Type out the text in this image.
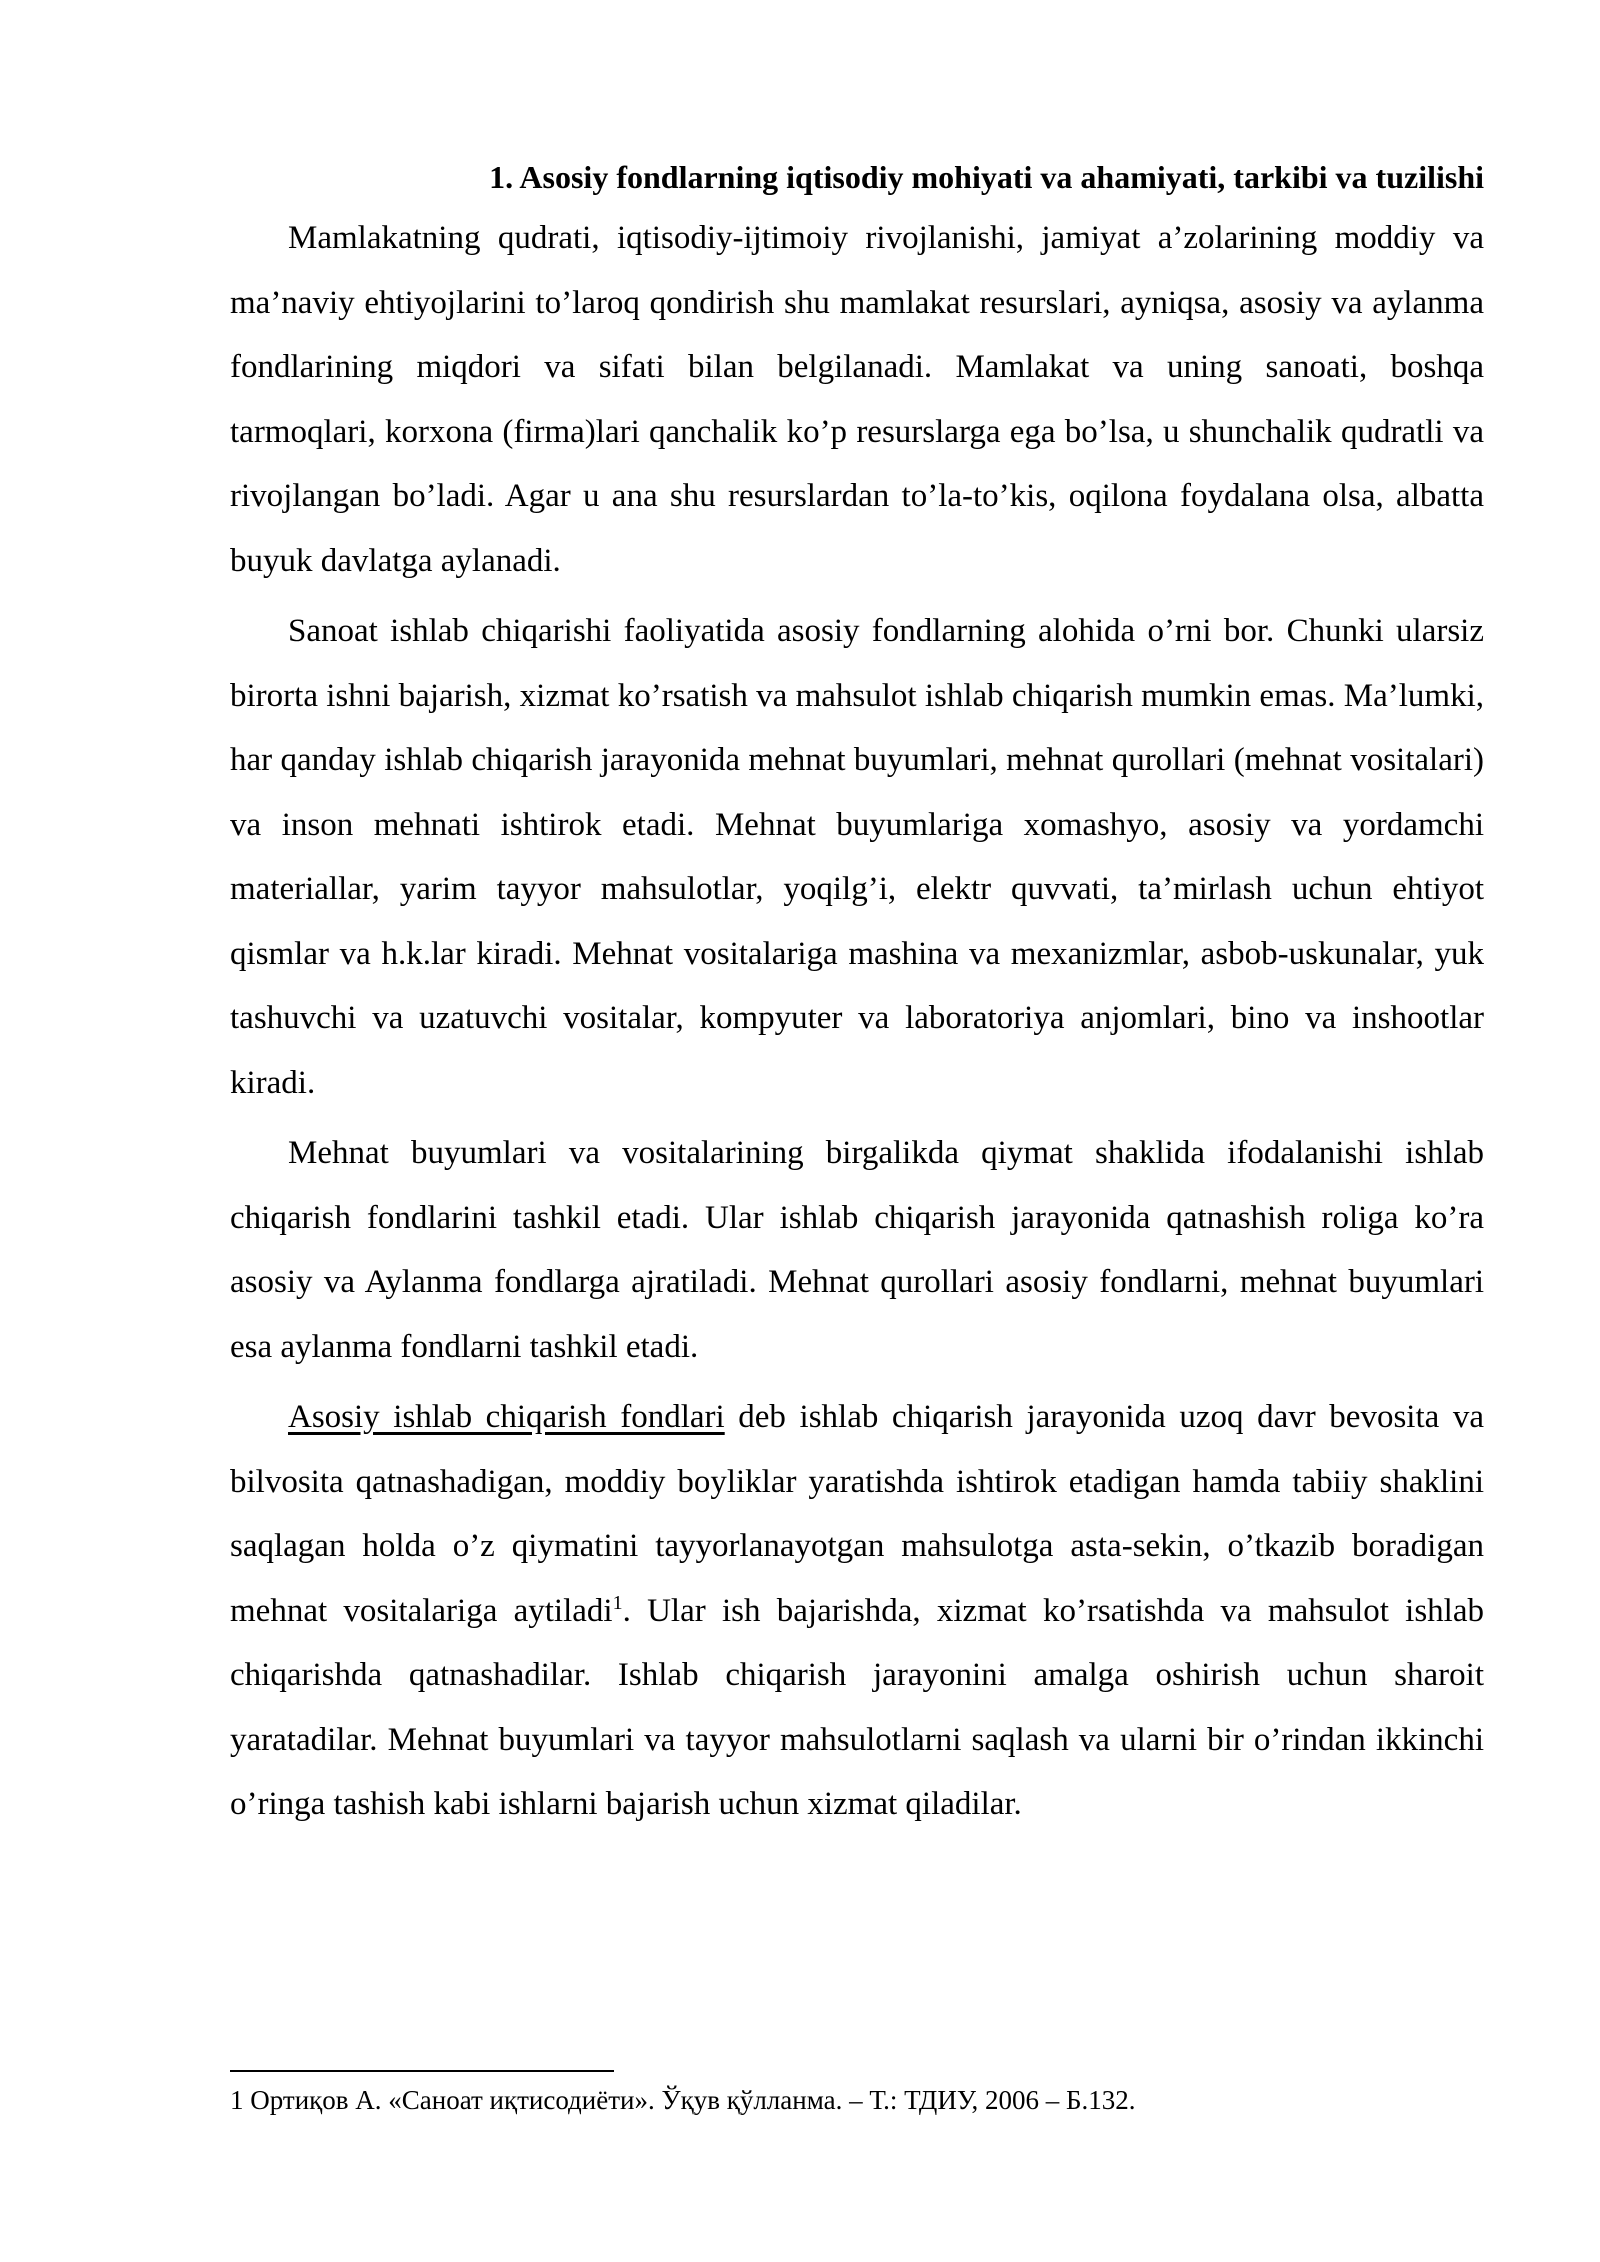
1. Asosiy fondlarning iqtisodiy mohiyati va ahamiyati, tarkibi va tuzilishi

Mamlakatning qudrati, iqtisodiy-ijtimoiy rivojlanishi, jamiyat a’zolarining moddiy va ma’naviy ehtiyojlarini to’laroq qondirish shu mamlakat resurslari, ayniqsa, asosiy va aylanma fondlarining miqdori va sifati bilan belgilanadi. Mamlakat va uning sanoati, boshqa tarmoqlari, korxona (firma)lari qanchalik ko’p resurslarga ega bo’lsa, u shunchalik qudratli va rivojlangan bo’ladi. Agar u ana shu resurslardan to’la-to’kis, oqilona foydalana olsa, albatta buyuk davlatga aylanadi.

Sanoat ishlab chiqarishi faoliyatida asosiy fondlarning alohida o’rni bor. Chunki ularsiz birorta ishni bajarish, xizmat ko’rsatish va mahsulot ishlab chiqarish mumkin emas. Ma’lumki, har qanday ishlab chiqarish jarayonida mehnat buyumlari, mehnat qurollari (mehnat vositalari) va inson mehnati ishtirok etadi. Mehnat buyumlariga xomashyo, asosiy va yordamchi materiallar, yarim tayyor mahsulotlar, yoqilg’i, elektr quvvati, ta’mirlash uchun ehtiyot qismlar va h.k.lar kiradi. Mehnat vositalariga mashina va mexanizmlar, asbob-uskunalar, yuk tashuvchi va uzatuvchi vositalar, kompyuter va laboratoriya anjomlari, bino va inshootlar kiradi.

Mehnat buyumlari va vositalarining birgalikda qiymat shaklida ifodalanishi ishlab chiqarish fondlarini tashkil etadi. Ular ishlab chiqarish jarayonida qatnashish roliga ko’ra asosiy va Aylanma fondlarga ajratiladi. Mehnat qurollari asosiy fondlarni, mehnat buyumlari esa aylanma fondlarni tashkil etadi.

Asosiy ishlab chiqarish fondlari deb ishlab chiqarish jarayonida uzoq davr bevosita va bilvosita qatnashadigan, moddiy boyliklar yaratishda ishtirok etadigan hamda tabiiy shaklini saqlagan holda o’z qiymatini tayyorlanayotgan mahsulotga asta-sekin, o’tkazib boradigan mehnat vositalariga aytiladi$^1$. Ular ish bajarishda, xizmat ko’rsatishda va mahsulot ishlab chiqarishda qatnashadilar. Ishlab chiqarish jarayonini amalga oshirish uchun sharoit yaratadilar. Mehnat buyumlari va tayyor mahsulotlarni saqlash va ularni bir o’rindan ikkinchi o’ringa tashish kabi ishlarni bajarish uchun xizmat qiladilar.

1 Ортиқов А. «Саноат иқтисодиёти». Ўқув қўлланма. – Т.: ТДИУ, 2006 – Б.132.
